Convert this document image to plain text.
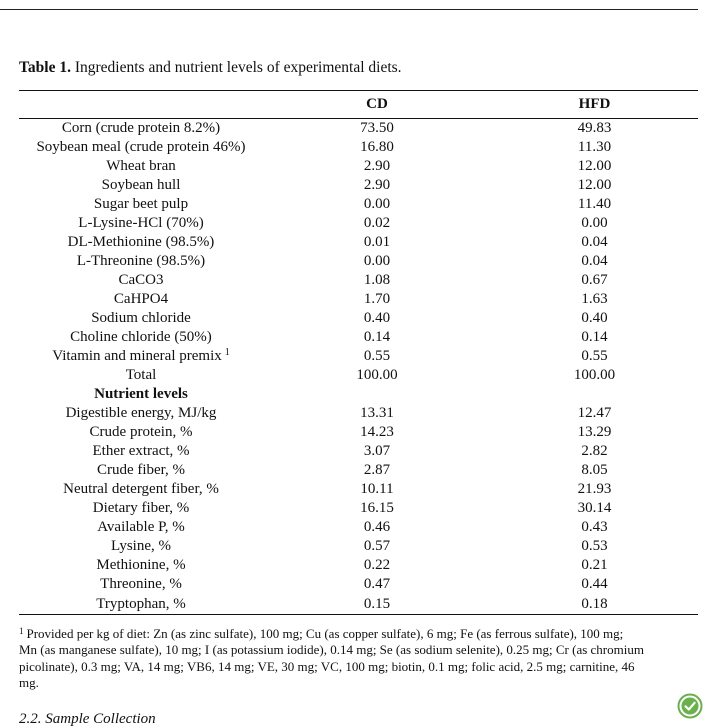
Table 1. Ingredients and nutrient levels of experimental diets.
	CD	HFD
Corn (crude protein 8.2%)	73.50	49.83
Soybean meal (crude protein 46%)	16.80	11.30
Wheat bran	2.90	12.00
Soybean hull	2.90	12.00
Sugar beet pulp	0.00	11.40
L-Lysine-HCl (70%)	0.02	0.00
DL-Methionine (98.5%)	0.01	0.04
L-Threonine (98.5%)	0.00	0.04
CaCO3	1.08	0.67
CaHPO4	1.70	1.63
Sodium chloride	0.40	0.40
Choline chloride (50%)	0.14	0.14
Vitamin and mineral premix $^1$	0.55	0.55
Total	100.00	100.00
Nutrient levels		
Digestible energy, MJ/kg	13.31	12.47
Crude protein, %	14.23	13.29
Ether extract, %	3.07	2.82
Crude fiber, %	2.87	8.05
Neutral detergent fiber, %	10.11	21.93
Dietary fiber, %	16.15	30.14
Available P, %	0.46	0.43
Lysine, %	0.57	0.53
Methionine, %	0.22	0.21
Threonine, %	0.47	0.44
Tryptophan, %	0.15	0.18
$^1$ Provided per kg of diet: Zn (as zinc sulfate), 100 mg; Cu (as copper sulfate), 6 mg; Fe (as ferrous sulfate), 100 mg; Mn (as manganese sulfate), 10 mg; I (as potassium iodide), 0.14 mg; Se (as sodium selenite), 0.25 mg; Cr (as chromium picolinate), 0.3 mg; VA, 14 mg; VB6, 14 mg; VE, 30 mg; VC, 100 mg; biotin, 0.1 mg; folic acid, 2.5 mg; carnitine, 46 mg.
2.2. Sample Collection
